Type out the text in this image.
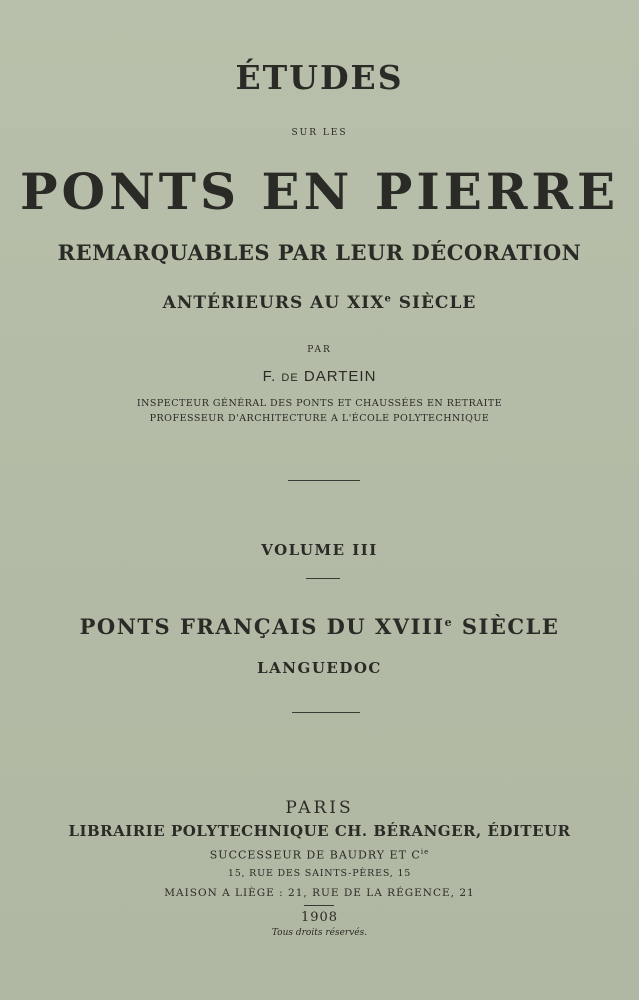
ÉTUDES
SUR LES
PONTS EN PIERRE
REMARQUABLES PAR LEUR DÉCORATION
ANTÉRIEURS AU XIXe SIÈCLE
PAR
F. DE DARTEIN
INSPECTEUR GÉNÉRAL DES PONTS ET CHAUSSÉES EN RETRAITE
PROFESSEUR D'ARCHITECTURE A L'ÉCOLE POLYTECHNIQUE
VOLUME III
PONTS FRANÇAIS DU XVIIIe SIÈCLE
LANGUEDOC
PARIS
LIBRAIRIE POLYTECHNIQUE CH. BÉRANGER, ÉDITEUR
SUCCESSEUR DE BAUDRY ET $C^{ie}$
15, RUE DES SAINTS-PÈRES, 15
MAISON A LIÈGE : 21, RUE DE LA RÉGENCE, 21
1908
Tous droits réservés.
